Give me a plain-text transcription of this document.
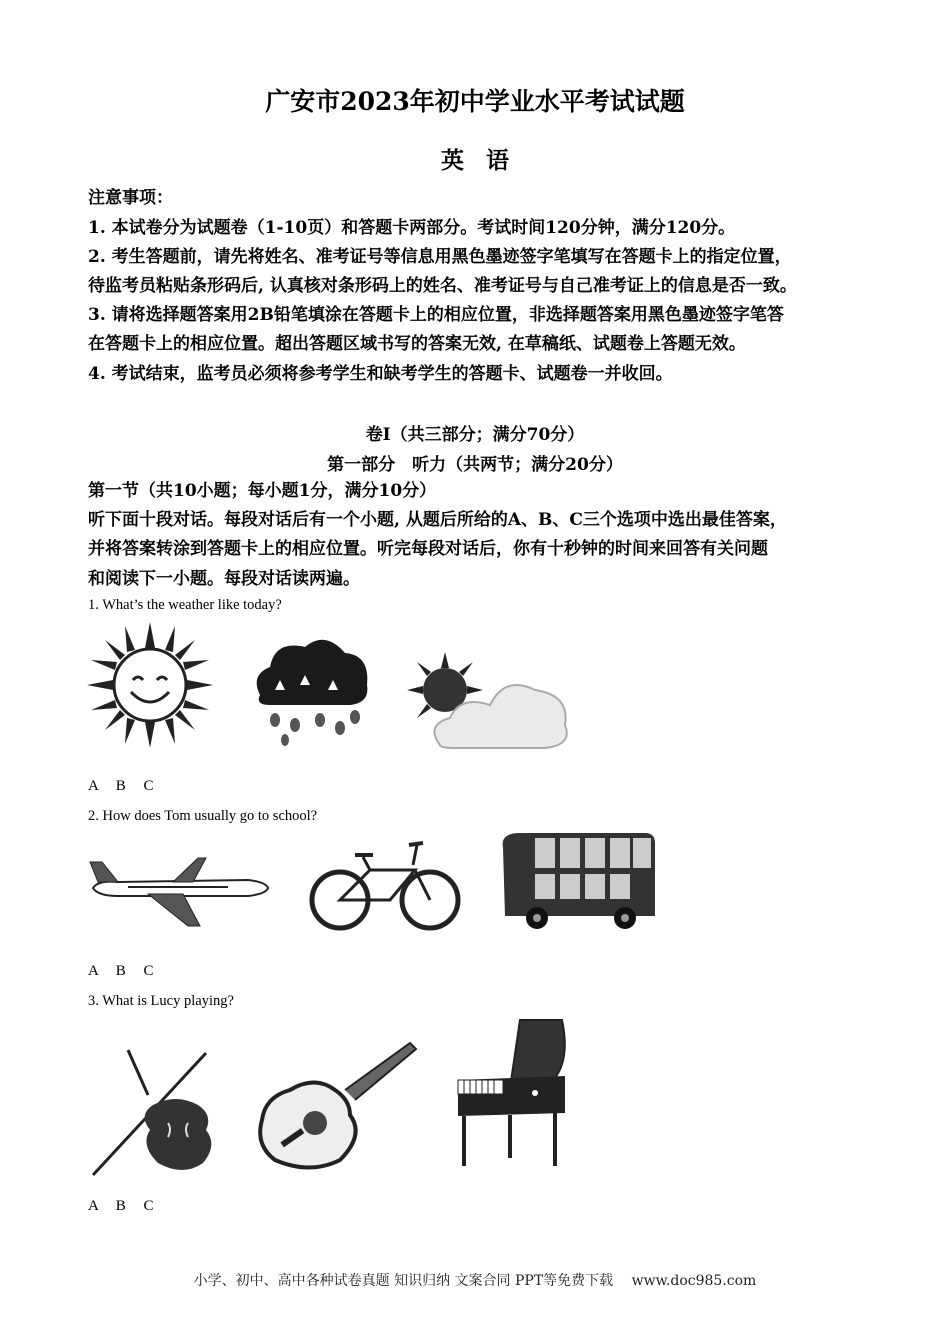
广安市2023年初中学业水平考试试题
英语
注意事项：
1. 本试卷分为试题卷（1-10页）和答题卡两部分。考试时间120分钟，满分120分。
2. 考生答题前，请先将姓名、准考证号等信息用黑色墨迹签字笔填写在答题卡上的指定位置，
待监考员粘贴条形码后, 认真核对条形码上的姓名、准考证号与自己准考证上的信息是否一致。
3. 请将选择题答案用2B铅笔填涂在答题卡上的相应位置，非选择题答案用黑色墨迹签字笔答
在答题卡上的相应位置。超出答题区域书写的答案无效, 在草稿纸、试题卷上答题无效。
4. 考试结束，监考员必须将参考学生和缺考学生的答题卡、试题卷一并收回。
卷Ⅰ（共三部分；满分70分）
第一部分　听力（共两节；满分20分）
第一节（共10小题；每小题1分，满分10分）
听下面十段对话。每段对话后有一个小题, 从题后所给的A、B、C三个选项中选出最佳答案，
并将答案转涂到答题卡上的相应位置。听完每段对话后，你有十秒钟的时间来回答有关问题
和阅读下一小题。每段对话读两遍。
1. What’s the weather like today?
A B C
2. How does Tom usually go to school?
A B C
3. What is Lucy playing?
A B C
小学、初中、高中各种试卷真题 知识归纳 文案合同 PPT等免费下载　 www.doc985.com
